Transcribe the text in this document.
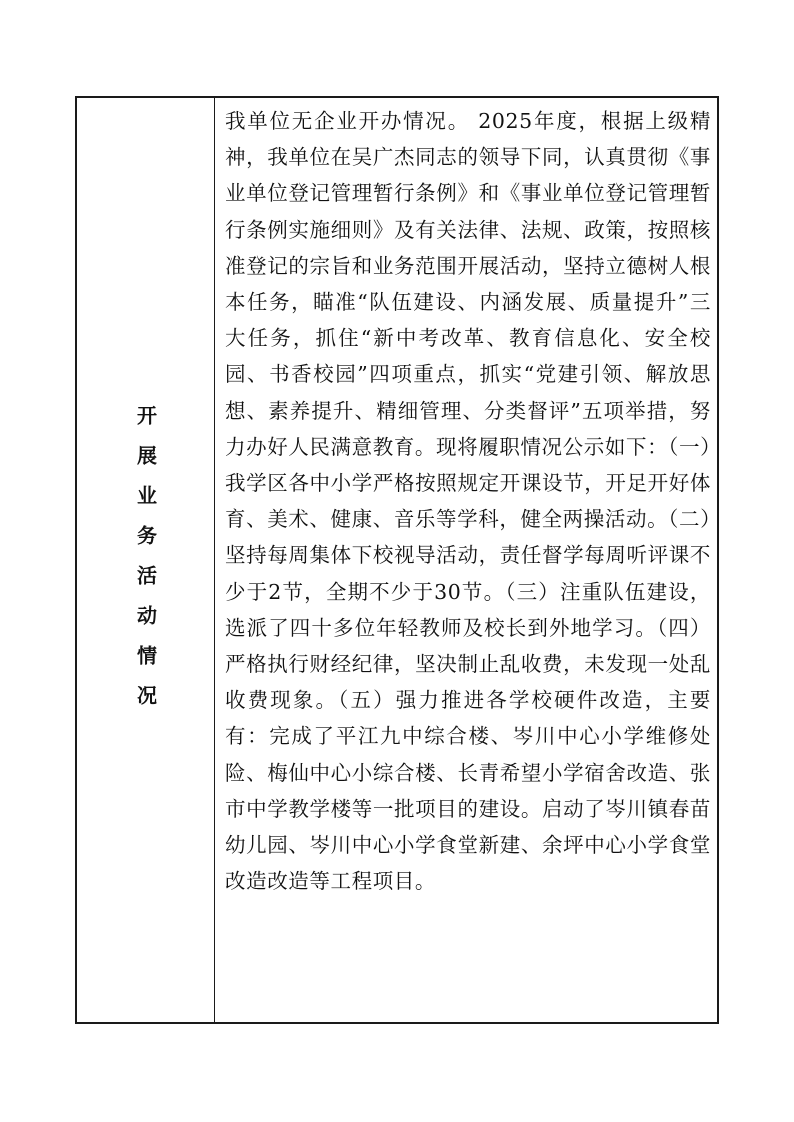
开展业务活动情况

我单位无企业开办情况。 2025年度，根据上级精神，我单位在吴广杰同志的领导下同，认真贯彻《事业单位登记管理暂行条例》和《事业单位登记管理暂行条例实施细则》及有关法律、法规、政策，按照核准登记的宗旨和业务范围开展活动，坚持立德树人根本任务，瞄准“队伍建设、内涵发展、质量提升”三大任务，抓住“新中考改革、教育信息化、安全校园、书香校园”四项重点，抓实“党建引领、解放思想、素养提升、精细管理、分类督评”五项举措，努力办好人民满意教育。现将履职情况公示如下：（一）我学区各中小学严格按照规定开课设节，开足开好体育、美术、健康、音乐等学科，健全两操活动。（二）坚持每周集体下校视导活动，责任督学每周听评课不少于2节，全期不少于30节。（三）注重队伍建设，选派了四十多位年轻教师及校长到外地学习。（四）严格执行财经纪律，坚决制止乱收费，未发现一处乱收费现象。（五）强力推进各学校硬件改造，主要有：完成了平江九中综合楼、岑川中心小学维修处险、梅仙中心小综合楼、长青希望小学宿舍改造、张市中学教学楼等一批项目的建设。启动了岑川镇春苗幼儿园、岑川中心小学食堂新建、余坪中心小学食堂改造改造等工程项目。
